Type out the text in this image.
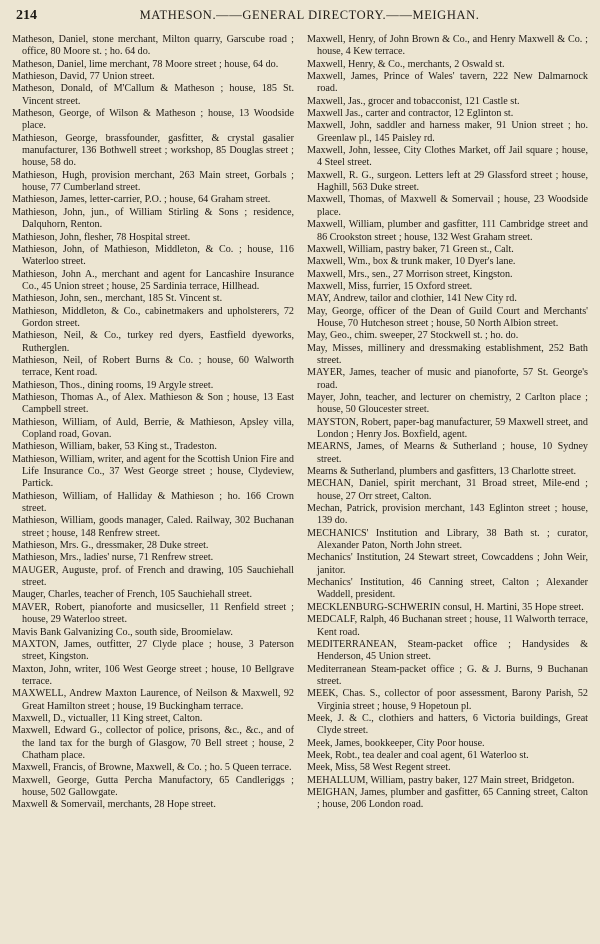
214	MATHESON.——GENERAL DIRECTORY.——MEIGHAN.

Matheson, Daniel, stone merchant, Milton quarry, Garscube road ; office, 80 Moore st. ; ho. 64 do.

Matheson, Daniel, lime merchant, 78 Moore street ; house, 64 do.

Mathieson, David, 77 Union street.

Matheson, Donald, of M'Callum & Matheson ; house, 185 St. Vincent street.

Matheson, George, of Wilson & Matheson ; house, 13 Woodside place.

Mathieson, George, brassfounder, gasfitter, & crystal gasalier manufacturer, 136 Bothwell street ; workshop, 85 Douglas street ; house, 58 do.

Mathieson, Hugh, provision merchant, 263 Main street, Gorbals ; house, 77 Cumberland street.

Mathieson, James, letter-carrier, P.O. ; house, 64 Graham street.

Mathieson, John, jun., of William Stirling & Sons ; residence, Dalquhorn, Renton.

Mathieson, John, flesher, 78 Hospital street.

Mathieson, John, of Mathieson, Middleton, & Co. ; house, 116 Waterloo street.

Mathieson, John A., merchant and agent for Lancashire Insurance Co., 45 Union street ; house, 25 Sardinia terrace, Hillhead.

Mathieson, John, sen., merchant, 185 St. Vincent st.

Mathieson, Middleton, & Co., cabinetmakers and upholsterers, 72 Gordon street.

Mathieson, Neil, & Co., turkey red dyers, Eastfield dyeworks, Rutherglen.

Mathieson, Neil, of Robert Burns & Co. ; house, 60 Walworth terrace, Kent road.

Mathieson, Thos., dining rooms, 19 Argyle street.

Mathieson, Thomas A., of Alex. Mathieson & Son ; house, 13 East Campbell street.

Mathieson, William, of Auld, Berrie, & Mathieson, Apsley villa, Copland road, Govan.

Mathieson, William, baker, 53 King st., Tradeston.

Mathieson, William, writer, and agent for the Scottish Union Fire and Life Insurance Co., 37 West George street ; house, Clydeview, Partick.

Mathieson, William, of Halliday & Mathieson ; ho. 166 Crown street.

Mathieson, William, goods manager, Caled. Railway, 302 Buchanan street ; house, 148 Renfrew street.

Mathieson, Mrs. G., dressmaker, 28 Duke street.

Mathieson, Mrs., ladies' nurse, 71 Renfrew street.

MAUGER, Auguste, prof. of French and drawing, 105 Sauchiehall street.

Mauger, Charles, teacher of French, 105 Sauchiehall street.

MAVER, Robert, pianoforte and musicseller, 11 Renfield street ; house, 29 Waterloo street.

Mavis Bank Galvanizing Co., south side, Broomielaw.

MAXTON, James, outfitter, 27 Clyde place ; house, 3 Paterson street, Kingston.

Maxton, John, writer, 106 West George street ; house, 10 Bellgrave terrace.

MAXWELL, Andrew Maxton Laurence, of Neilson & Maxwell, 92 Great Hamilton street ; house, 19 Buckingham terrace.

Maxwell, D., victualler, 11 King street, Calton.

Maxwell, Edward G., collector of police, prisons, &c., &c., and of the land tax for the burgh of Glasgow, 70 Bell street ; house, 2 Chatham place.

Maxwell, Francis, of Browne, Maxwell, & Co. ; ho. 5 Queen terrace.

Maxwell, George, Gutta Percha Manufactory, 65 Candleriggs ; house, 502 Gallowgate.

Maxwell & Somervail, merchants, 28 Hope street.

Maxwell, Henry, of John Brown & Co., and Henry Maxwell & Co. ; house, 4 Kew terrace.

Maxwell, Henry, & Co., merchants, 2 Oswald st.

Maxwell, James, Prince of Wales' tavern, 222 New Dalmarnock road.

Maxwell, Jas., grocer and tobacconist, 121 Castle st.

Maxwell Jas., carter and contractor, 12 Eglinton st.

Maxwell, John, saddler and harness maker, 91 Union street ; ho. Greenlaw pl., 145 Paisley rd.

Maxwell, John, lessee, City Clothes Market, off Jail square ; house, 4 Steel street.

Maxwell, R. G., surgeon. Letters left at 29 Glassford street ; house, Haghill, 563 Duke street.

Maxwell, Thomas, of Maxwell & Somervail ; house, 23 Woodside place.

Maxwell, William, plumber and gasfitter, 111 Cambridge street and 86 Crookston street ; house, 132 West Graham street.

Maxwell, William, pastry baker, 71 Green st., Calt.

Maxwell, Wm., box & trunk maker, 10 Dyer's lane.

Maxwell, Mrs., sen., 27 Morrison street, Kingston.

Maxwell, Miss, furrier, 15 Oxford street.

MAY, Andrew, tailor and clothier, 141 New City rd.

May, George, officer of the Dean of Guild Court and Merchants' House, 70 Hutcheson street ; house, 50 North Albion street.

May, Geo., chim. sweeper, 27 Stockwell st. ; ho. do.

May, Misses, millinery and dressmaking establishment, 252 Bath street.

MAYER, James, teacher of music and pianoforte, 57 St. George's road.

Mayer, John, teacher, and lecturer on chemistry, 2 Carlton place ; house, 50 Gloucester street.

MAYSTON, Robert, paper-bag manufacturer, 59 Maxwell street, and London ; Henry Jos. Boxfield, agent.

MEARNS, James, of Mearns & Sutherland ; house, 10 Sydney street.

Mearns & Sutherland, plumbers and gasfitters, 13 Charlotte street.

MECHAN, Daniel, spirit merchant, 31 Broad street, Mile-end ; house, 27 Orr street, Calton.

Mechan, Patrick, provision merchant, 143 Eglinton street ; house, 139 do.

MECHANICS' Institution and Library, 38 Bath st. ; curator, Alexander Paton, North John street.

Mechanics' Institution, 24 Stewart street, Cowcaddens ; John Weir, janitor.

Mechanics' Institution, 46 Canning street, Calton ; Alexander Waddell, president.

MECKLENBURG-SCHWERIN consul, H. Martini, 35 Hope street.

MEDCALF, Ralph, 46 Buchanan street ; house, 11 Walworth terrace, Kent road.

MEDITERRANEAN, Steam-packet office ; Handysides & Henderson, 45 Union street.

Mediterranean Steam-packet office ; G. & J. Burns, 9 Buchanan street.

MEEK, Chas. S., collector of poor assessment, Barony Parish, 52 Virginia street ; house, 9 Hopetoun pl.

Meek, J. & C., clothiers and hatters, 6 Victoria buildings, Great Clyde street.

Meek, James, bookkeeper, City Poor house.

Meek, Robt., tea dealer and coal agent, 61 Waterloo st.

Meek, Miss, 58 West Regent street.

MEHALLUM, William, pastry baker, 127 Main street, Bridgeton.

MEIGHAN, James, plumber and gasfitter, 65 Canning street, Calton ; house, 206 London road.
